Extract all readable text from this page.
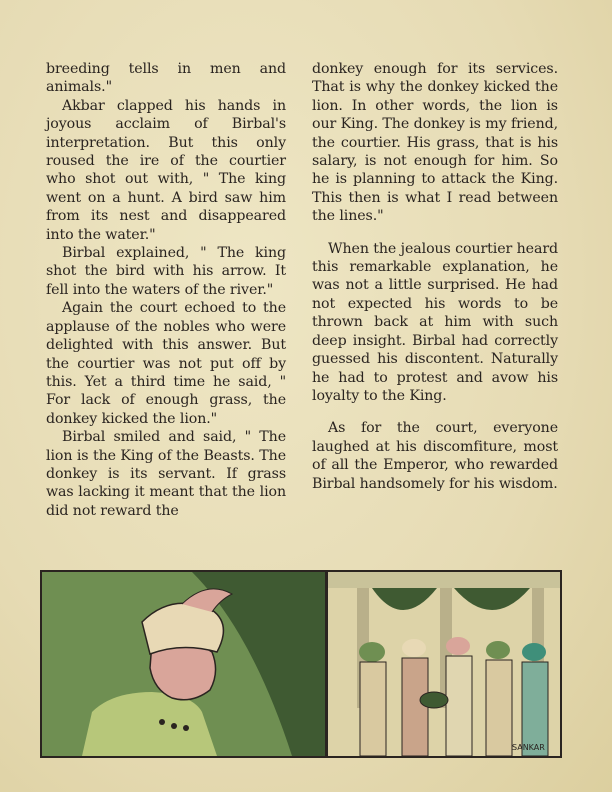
breeding tells in men and animals."

Akbar clapped his hands in joyous acclaim of Birbal's interpretation. But this only roused the ire of the courtier who shot out with, " The king went on a hunt. A bird saw him from its nest and disappeared into the water."

Birbal explained, " The king shot the bird with his arrow. It fell into the waters of the river."

Again the court echoed to the applause of the nobles who were delighted with this answer. But the courtier was not put off by this. Yet a third time he said, " For lack of enough grass, the donkey kicked the lion."

Birbal smiled and said, " The lion is the King of the Beasts. The donkey is its servant. If grass was lacking it meant that the lion did not reward the

donkey enough for its services. That is why the donkey kicked the lion. In other words, the lion is our King. The donkey is my friend, the courtier. His grass, that is his salary, is not enough for him. So he is planning to attack the King. This then is what I read between the lines."

When the jealous courtier heard this remarkable explanation, he was not a little surprised. He had not expected his words to be thrown back at him with such deep insight. Birbal had correctly guessed his discontent. Naturally he had to protest and avow his loyalty to the King.

As for the court, everyone laughed at his discomfiture, most of all the Emperor, who rewarded Birbal handsomely for his wisdom.

SANKAR
